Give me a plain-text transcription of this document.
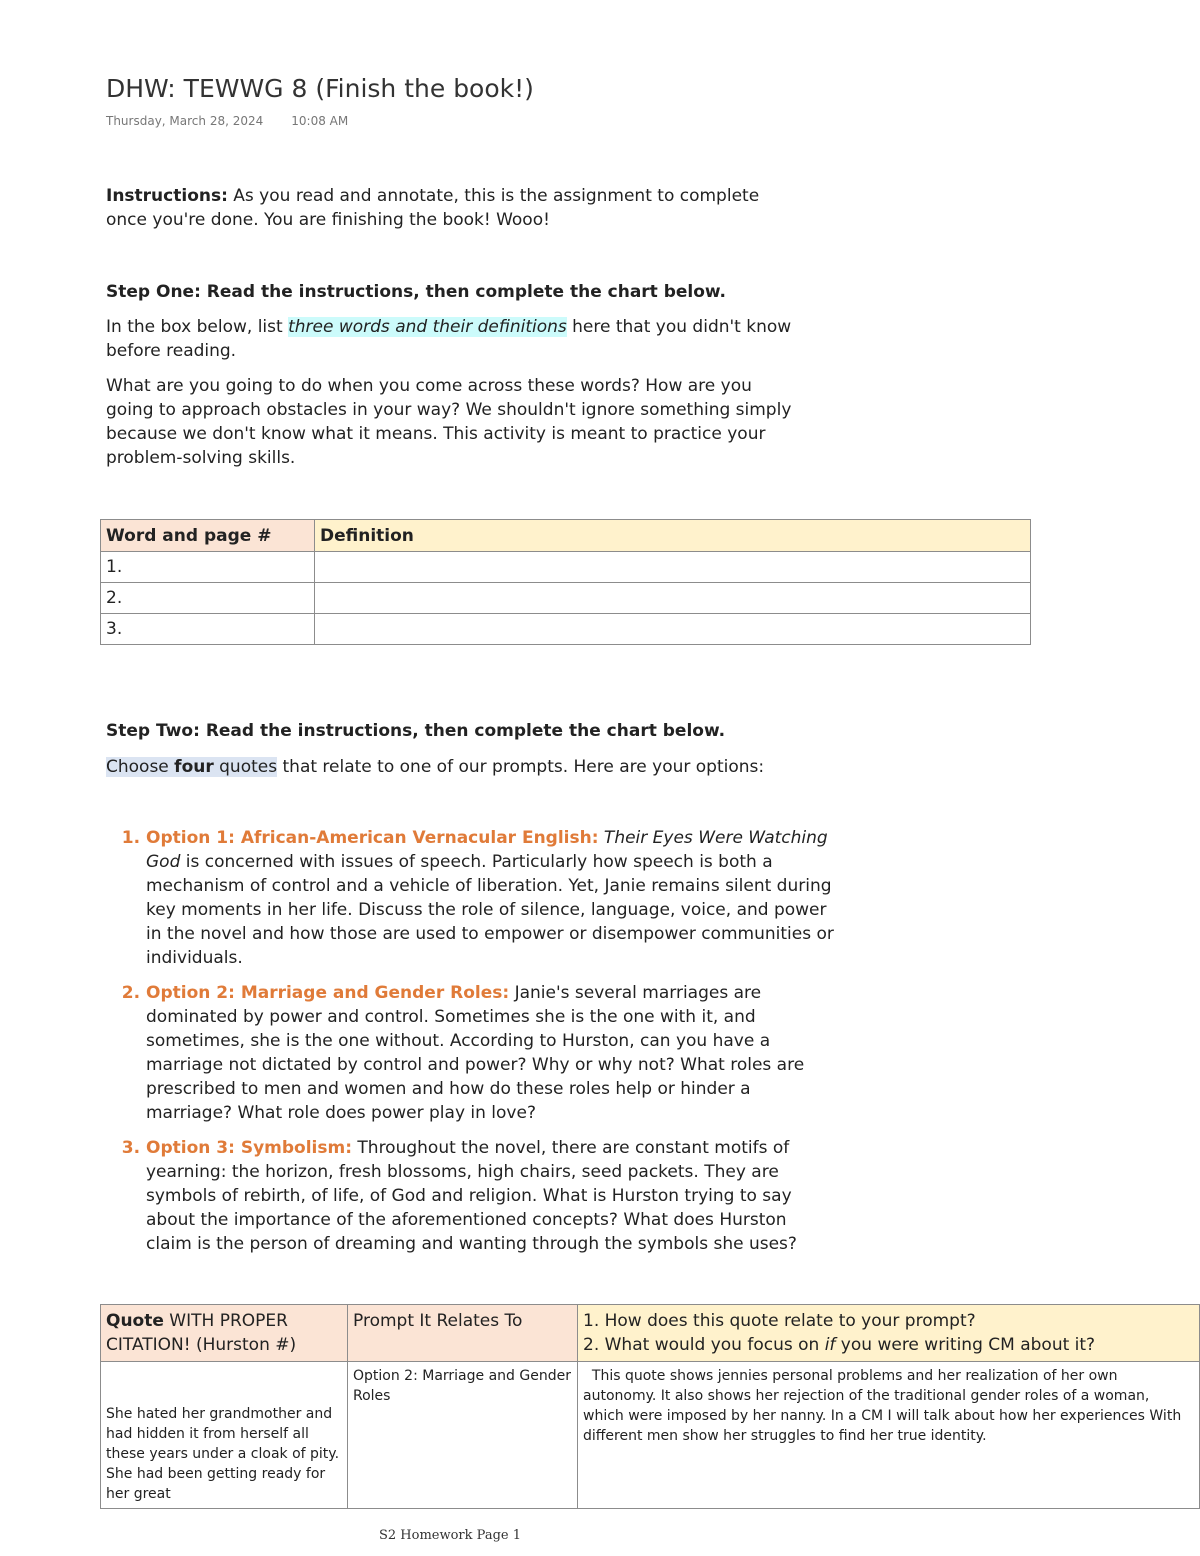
DHW: TEWWG 8 (Finish the book!)
Thursday, March 28, 2024 10:08 AM
Instructions: As you read and annotate, this is the assignment to complete once you're done. You are finishing the book! Wooo!
Step One: Read the instructions, then complete the chart below.
In the box below, list three words and their definitions here that you didn't know before reading.
What are you going to do when you come across these words? How are you going to approach obstacles in your way? We shouldn't ignore something simply because we don't know what it means. This activity is meant to practice your problem-solving skills.
Word and page #	Definition
1.	
2.	
3.	
Step Two: Read the instructions, then complete the chart below.
Choose four quotes that relate to one of our prompts. Here are your options:
1. Option 1: African-American Vernacular English: Their Eyes Were Watching God is concerned with issues of speech. Particularly how speech is both a mechanism of control and a vehicle of liberation. Yet, Janie remains silent during key moments in her life. Discuss the role of silence, language, voice, and power in the novel and how those are used to empower or disempower communities or individuals.
2. Option 2: Marriage and Gender Roles: Janie's several marriages are dominated by power and control. Sometimes she is the one with it, and sometimes, she is the one without. According to Hurston, can you have a marriage not dictated by control and power? Why or why not? What roles are prescribed to men and women and how do these roles help or hinder a marriage? What role does power play in love?
3. Option 3: Symbolism: Throughout the novel, there are constant motifs of yearning: the horizon, fresh blossoms, high chairs, seed packets. They are symbols of rebirth, of life, of God and religion. What is Hurston trying to say about the importance of the aforementioned concepts? What does Hurston claim is the person of dreaming and wanting through the symbols she uses?
Quote WITH PROPER CITATION! (Hurston #)	Prompt It Relates To	1. How does this quote relate to your prompt?
2. What would you focus on if you were writing CM about it?

She hated her grandmother and had hidden it from herself all these years under a cloak of pity. She had been getting ready for her great	Option 2: Marriage and Gender Roles	This quote shows jennies personal problems and her realization of her own autonomy. It also shows her rejection of the traditional gender roles of a woman, which were imposed by her nanny. In a CM I will talk about how her experiences With different men show her struggles to find her true identity.
S2 Homework Page 1
